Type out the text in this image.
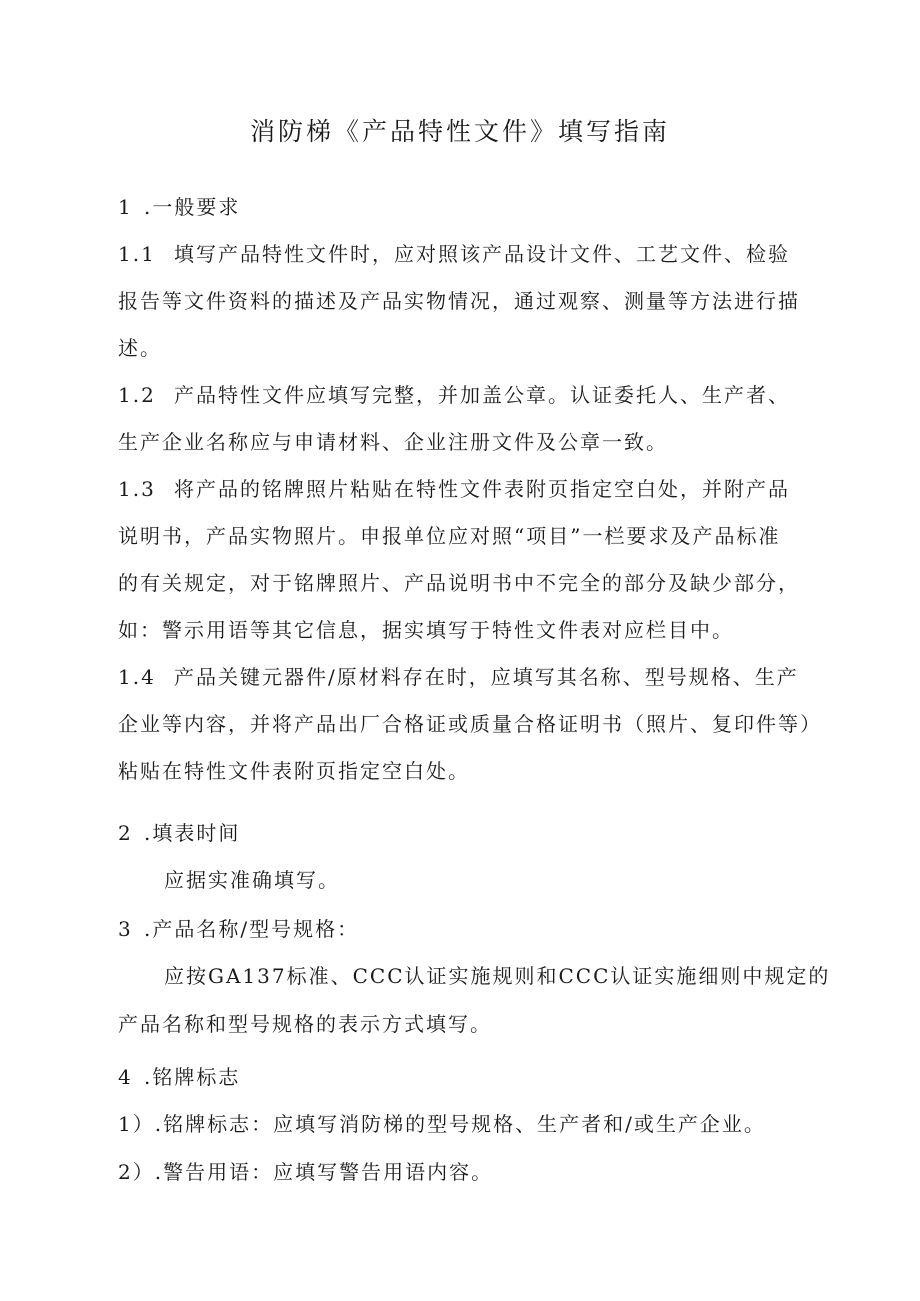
消防梯《产品特性文件》填写指南
1 .一般要求
1.1 填写产品特性文件时，应对照该产品设计文件、工艺文件、检验
报告等文件资料的描述及产品实物情况，通过观察、测量等方法进行描
述。
1.2 产品特性文件应填写完整，并加盖公章。认证委托人、生产者、
生产企业名称应与申请材料、企业注册文件及公章一致。
1.3 将产品的铭牌照片粘贴在特性文件表附页指定空白处，并附产品
说明书，产品实物照片。申报单位应对照“项目”一栏要求及产品标准
的有关规定，对于铭牌照片、产品说明书中不完全的部分及缺少部分，
如：警示用语等其它信息，据实填写于特性文件表对应栏目中。
1.4 产品关键元器件/原材料存在时，应填写其名称、型号规格、生产
企业等内容，并将产品出厂合格证或质量合格证明书（照片、复印件等）
粘贴在特性文件表附页指定空白处。
2 .填表时间
应据实准确填写。
3 .产品名称/型号规格：
应按GA137标准、CCC认证实施规则和CCC认证实施细则中规定的
产品名称和型号规格的表示方式填写。
4 .铭牌标志
1）.铭牌标志：应填写消防梯的型号规格、生产者和/或生产企业。
2）.警告用语：应填写警告用语内容。
